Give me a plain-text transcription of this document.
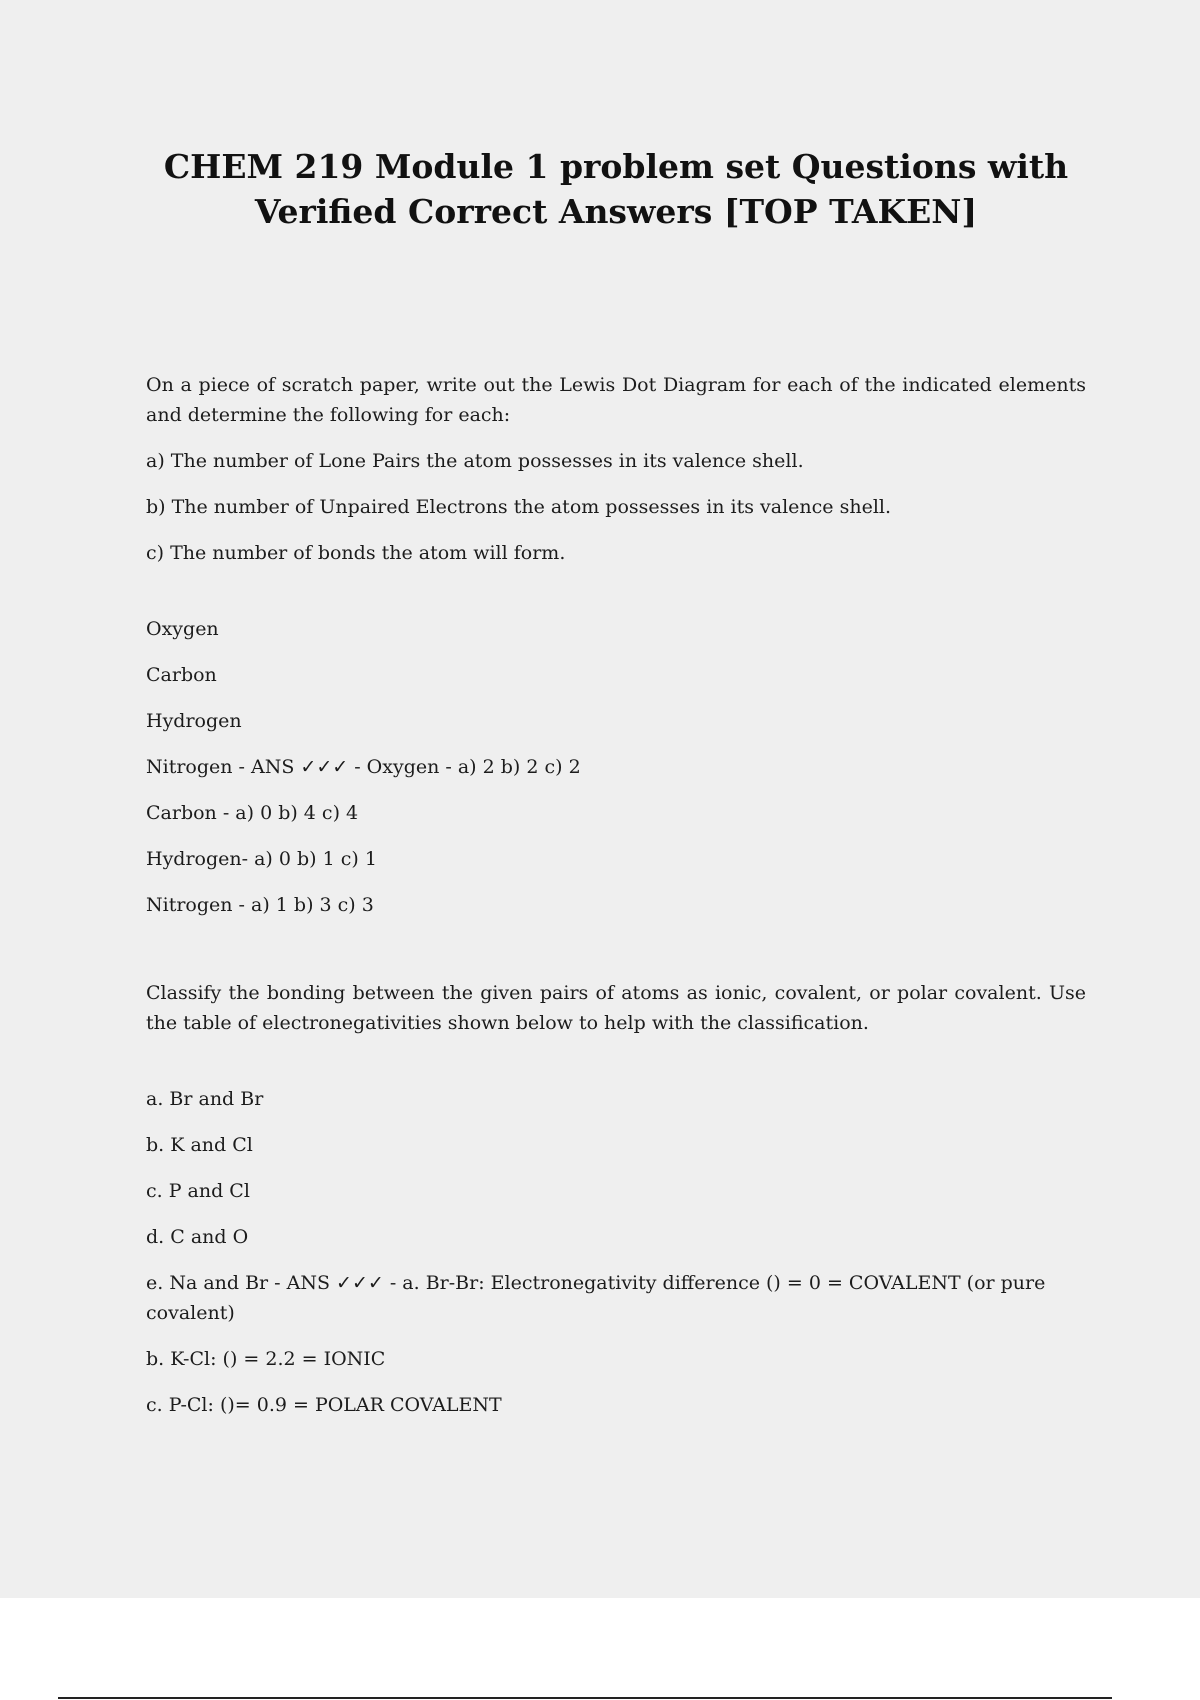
CHEM 219 Module 1 problem set Questions with Verified Correct Answers [TOP TAKEN]

On a piece of scratch paper, write out the Lewis Dot Diagram for each of the indicated elements and determine the following for each:

a) The number of Lone Pairs the atom possesses in its valence shell.

b) The number of Unpaired Electrons the atom possesses in its valence shell.

c) The number of bonds the atom will form.

Oxygen

Carbon

Hydrogen

Nitrogen - ANS ✓✓✓ - Oxygen - a) 2 b) 2 c) 2

Carbon - a) 0 b) 4 c) 4

Hydrogen- a) 0 b) 1 c) 1

Nitrogen - a) 1 b) 3 c) 3

Classify the bonding between the given pairs of atoms as ionic, covalent, or polar covalent. Use the table of electronegativities shown below to help with the classification.

a. Br and Br

b. K and Cl

c. P and Cl

d. C and O

e. Na and Br - ANS ✓✓✓ - a. Br-Br: Electronegativity difference () = 0 = COVALENT (or pure covalent)

b. K-Cl: () = 2.2 = IONIC

c. P-Cl: ()= 0.9 = POLAR COVALENT
